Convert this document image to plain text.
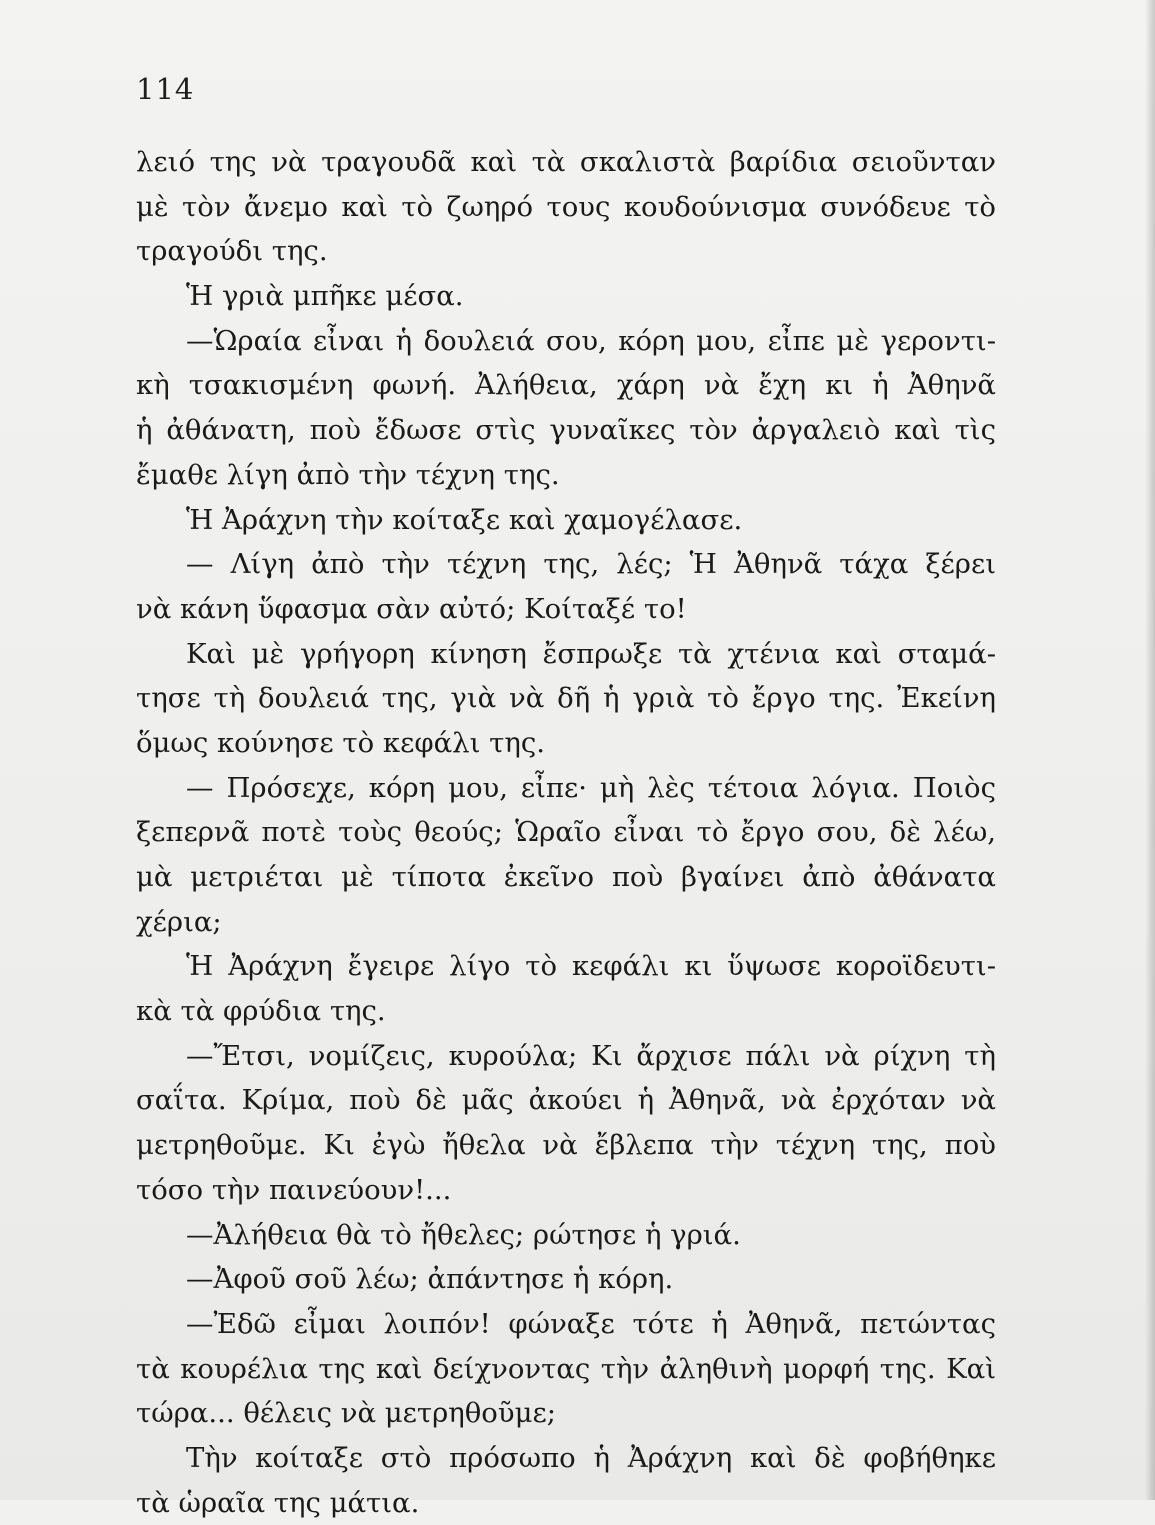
114
λειό της νὰ τραγουδᾶ καὶ τὰ σκαλιστὰ βαρίδια σειοῦνταν
μὲ τὸν ἄνεμο καὶ τὸ ζωηρό τους κουδούνισμα συνόδευε τὸ
τραγούδι της.
Ἡ γριὰ μπῆκε μέσα.
—Ὡραία εἶναι ἡ δουλειά σου, κόρη μου, εἶπε μὲ γεροντι-
κὴ τσακισμένη φωνή. Ἀλήθεια, χάρη νὰ ἔχη κι ἡ Ἀθηνᾶ
ἡ ἀθάνατη, ποὺ ἔδωσε στὶς γυναῖκες τὸν ἀργαλειὸ καὶ τὶς
ἔμαθε λίγη ἀπὸ τὴν τέχνη της.
Ἡ Ἀράχνη τὴν κοίταξε καὶ χαμογέλασε.
— Λίγη ἀπὸ τὴν τέχνη της, λές; Ἡ Ἀθηνᾶ τάχα ξέρει
νὰ κάνη ὕφασμα σὰν αὐτό; Κοίταξέ το!
Καὶ μὲ γρήγορη κίνηση ἔσπρωξε τὰ χτένια καὶ σταμά-
τησε τὴ δουλειά της, γιὰ νὰ δῆ ἡ γριὰ τὸ ἔργο της. Ἐκείνη
ὅμως κούνησε τὸ κεφάλι της.
— Πρόσεχε, κόρη μου, εἶπε· μὴ λὲς τέτοια λόγια. Ποιὸς
ξεπερνᾶ ποτὲ τοὺς θεούς; Ὡραῖο εἶναι τὸ ἔργο σου, δὲ λέω,
μὰ μετριέται μὲ τίποτα ἐκεῖνο ποὺ βγαίνει ἀπὸ ἀθάνατα
χέρια;
Ἡ Ἀράχνη ἔγειρε λίγο τὸ κεφάλι κι ὕψωσε κοροϊδευτι-
κὰ τὰ φρύδια της.
—Ἔτσι, νομίζεις, κυρούλα; Κι ἄρχισε πάλι νὰ ρίχνη τὴ
σαΐτα. Κρίμα, ποὺ δὲ μᾶς ἀκούει ἡ Ἀθηνᾶ, νὰ ἐρχόταν νὰ
μετρηθοῦμε. Κι ἐγὼ ἤθελα νὰ ἔβλεπα τὴν τέχνη της, ποὺ
τόσο τὴν παινεύουν!...
—Ἀλήθεια θὰ τὸ ἤθελες; ρώτησε ἡ γριά.
—Ἀφοῦ σοῦ λέω; ἀπάντησε ἡ κόρη.
—Ἐδῶ εἶμαι λοιπόν! φώναξε τότε ἡ Ἀθηνᾶ, πετώντας
τὰ κουρέλια της καὶ δείχνοντας τὴν ἀληθινὴ μορφή της. Καὶ
τώρα... θέλεις νὰ μετρηθοῦμε;
Τὴν κοίταξε στὸ πρόσωπο ἡ Ἀράχνη καὶ δὲ φοβήθηκε
τὰ ὡραῖα της μάτια.
